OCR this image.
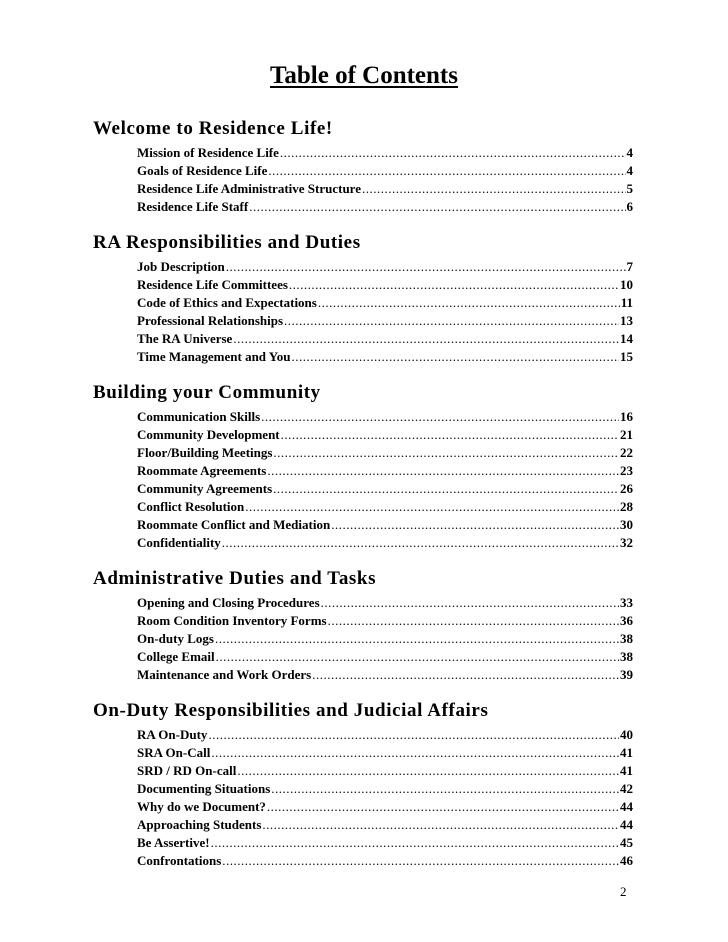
Table of Contents
Welcome to Residence Life!
Mission of Residence Life .....	4
Goals of Residence Life .....	4
Residence Life Administrative Structure .....	5
Residence Life Staff .....	6
RA Responsibilities and Duties
Job Description .....	7
Residence Life Committees .....	10
Code of Ethics and Expectations .....	11
Professional Relationships .....	13
The RA Universe .....	14
Time Management and You .....	15
Building your Community
Communication Skills .....	16
Community Development .....	21
Floor/Building Meetings .....	22
Roommate Agreements .....	23
Community Agreements .....	26
Conflict Resolution .....	28
Roommate Conflict and Mediation .....	30
Confidentiality .....	32
Administrative Duties and Tasks
Opening and Closing Procedures .....	33
Room Condition Inventory Forms .....	36
On-duty Logs .....	38
College Email .....	38
Maintenance and Work Orders .....	39
On-Duty Responsibilities and Judicial Affairs
RA On-Duty .....	40
SRA On-Call .....	41
SRD / RD On-call .....	41
Documenting Situations .....	42
Why do we Document? .....	44
Approaching Students .....	44
Be Assertive! .....	45
Confrontations .....	46
2
